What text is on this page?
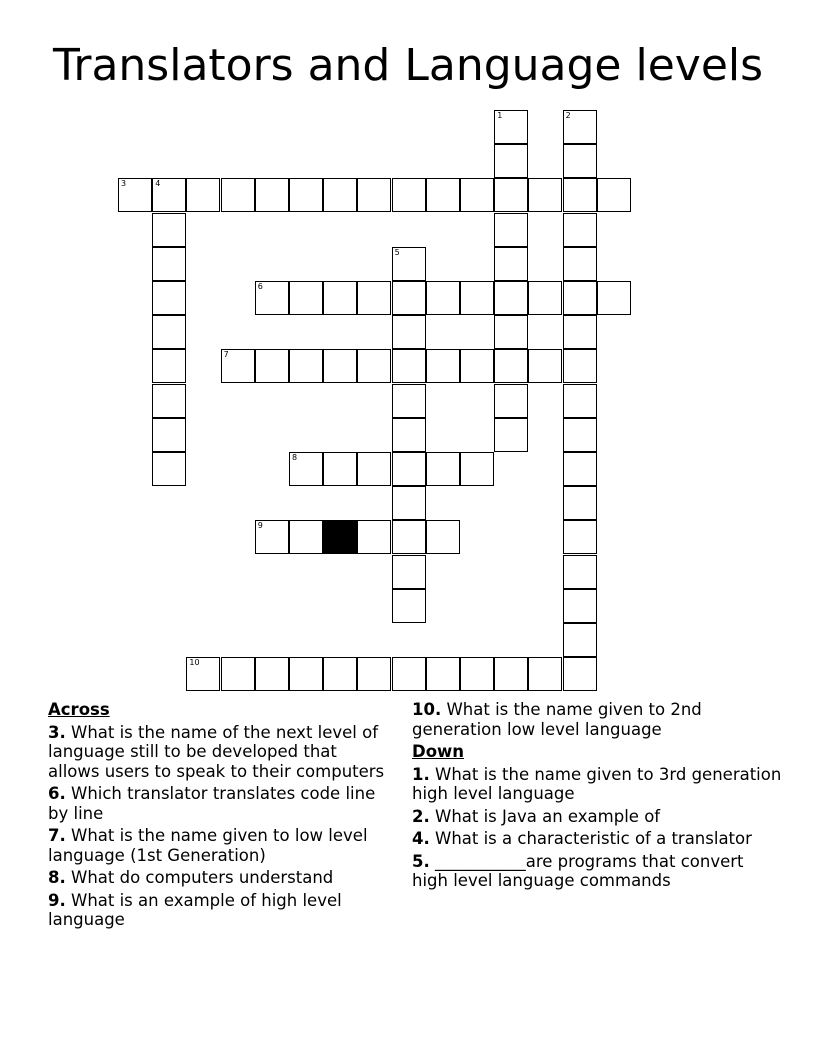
Translators and Language levels
1	2
3	4
5
6
7
8
9
10
Across
3. What is the name of the next level of language still to be developed that allows users to speak to their computers
6. Which translator translates code line by line
7. What is the name given to low level language (1st Generation)
8. What do computers understand
9. What is an example of high level language
10. What is the name given to 2nd generation low level language
Down
1. What is the name given to 3rd generation high level language
2. What is Java an example of
4. What is a characteristic of a translator
5. ___________are programs that convert high level language commands
